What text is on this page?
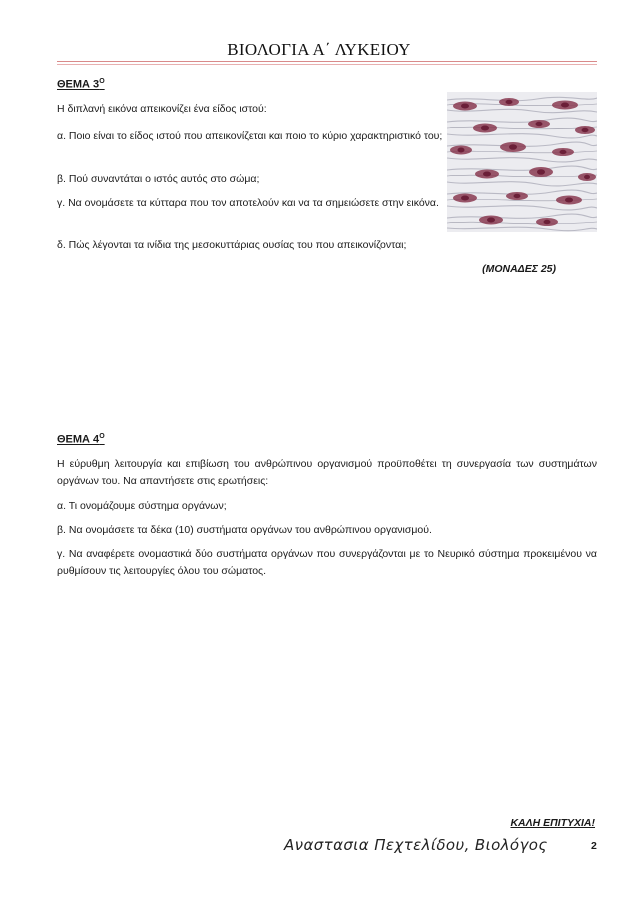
ΒΙΟΛΟΓΙΑ Α΄ ΛΥΚΕΙΟΥ
ΘΕΜΑ $3^O$
Η διπλανή εικόνα απεικονίζει ένα είδος ιστού:
α. Ποιο είναι το είδος ιστού που απεικονίζεται και ποιο το κύριο χαρακτηριστικό του;
β. Πού συναντάται ο ιστός αυτός στο σώμα;
γ. Να ονομάσετε τα κύτταρα που τον αποτελούν και να τα σημειώσετε στην εικόνα.
δ. Πώς λέγονται τα ινίδια της μεσοκυττάριας ουσίας του που απεικονίζονται;
(ΜΟΝΑΔΕΣ 25)
ΘΕΜΑ $4^O$
Η εύρυθμη λειτουργία και επιβίωση του ανθρώπινου οργανισμού προϋποθέτει τη συνεργασία των συστημάτων οργάνων του. Να απαντήσετε στις ερωτήσεις:
α. Τι ονομάζουμε σύστημα οργάνων;
β. Να ονομάσετε τα δέκα (10) συστήματα οργάνων του ανθρώπινου οργανισμού.
γ. Να αναφέρετε ονομαστικά δύο συστήματα οργάνων που συνεργάζονται με το Νευρικό σύστημα προκειμένου να ρυθμίσουν τις λειτουργίες όλου του σώματος.
ΚΑΛΗ ΕΠΙΤΥΧΙΑ!
Αναστασια Πεχτελίδου, Βιολόγος	2
